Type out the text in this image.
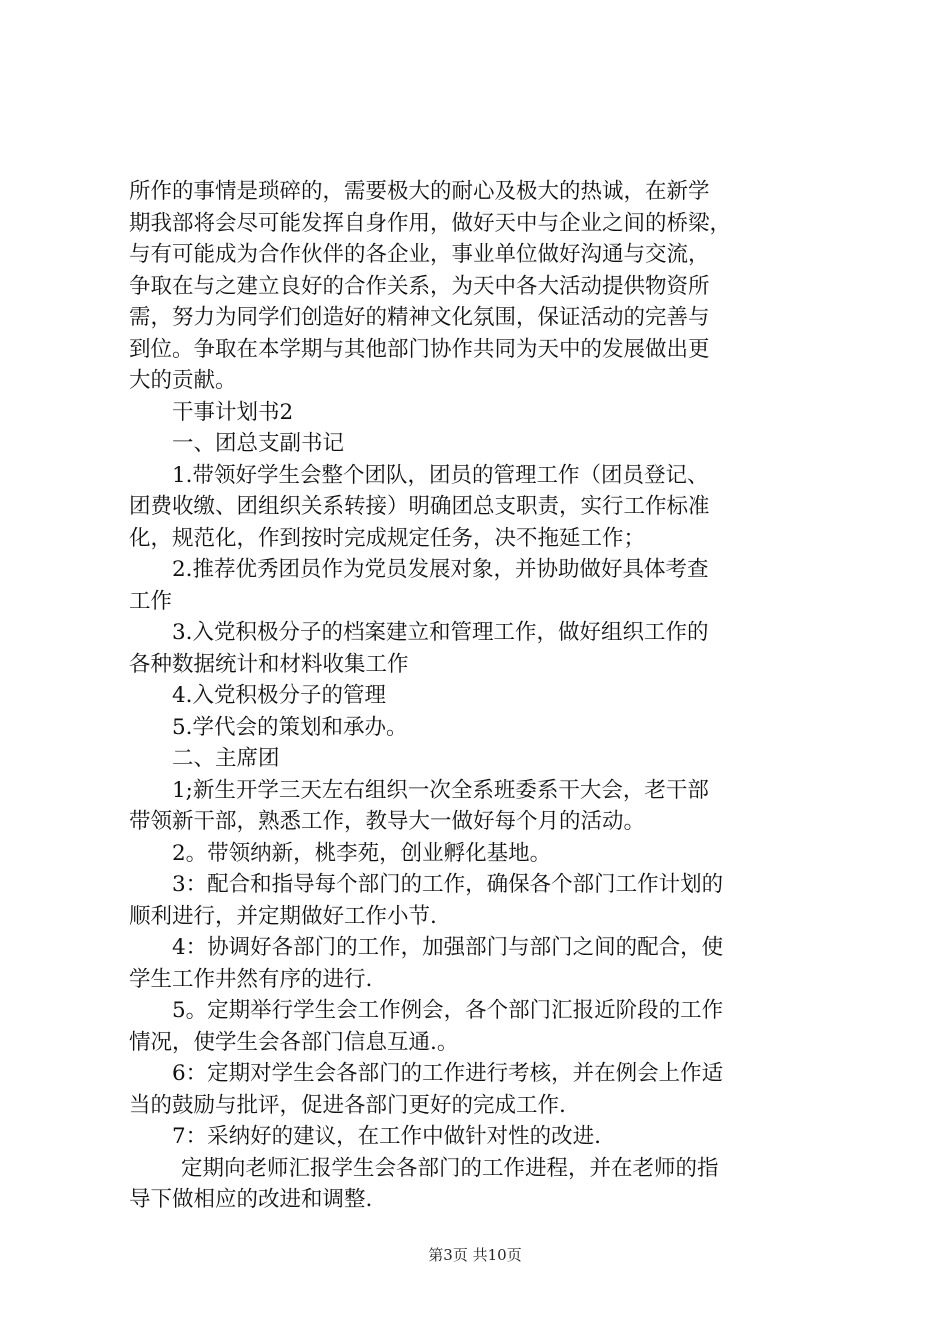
所作的事情是琐碎的，需要极大的耐心及极大的热诚，在新学
期我部将会尽可能发挥自身作用，做好天中与企业之间的桥梁，
与有可能成为合作伙伴的各企业，事业单位做好沟通与交流，
争取在与之建立良好的合作关系，为天中各大活动提供物资所
需，努力为同学们创造好的精神文化氛围，保证活动的完善与
到位。争取在本学期与其他部门协作共同为天中的发展做出更
大的贡献。
干事计划书2
一、团总支副书记
1.带领好学生会整个团队，团员的管理工作（团员登记、
团费收缴、团组织关系转接）明确团总支职责，实行工作标准
化，规范化，作到按时完成规定任务，决不拖延工作；
2.推荐优秀团员作为党员发展对象，并协助做好具体考查
工作
3.入党积极分子的档案建立和管理工作，做好组织工作的
各种数据统计和材料收集工作
4.入党积极分子的管理
5.学代会的策划和承办。
二、主席团
1;新生开学三天左右组织一次全系班委系干大会，老干部
带领新干部，熟悉工作，教导大一做好每个月的活动。
2。带领纳新，桃李苑，创业孵化基地。
3：配合和指导每个部门的工作，确保各个部门工作计划的
顺利进行，并定期做好工作小节.
4：协调好各部门的工作，加强部门与部门之间的配合，使
学生工作井然有序的进行.
5。定期举行学生会工作例会，各个部门汇报近阶段的工作
情况，使学生会各部门信息互通.。
6：定期对学生会各部门的工作进行考核，并在例会上作适
当的鼓励与批评，促进各部门更好的完成工作.
7：采纳好的建议，在工作中做针对性的改进.
定期向老师汇报学生会各部门的工作进程，并在老师的指
导下做相应的改进和调整.
第3页 共10页
